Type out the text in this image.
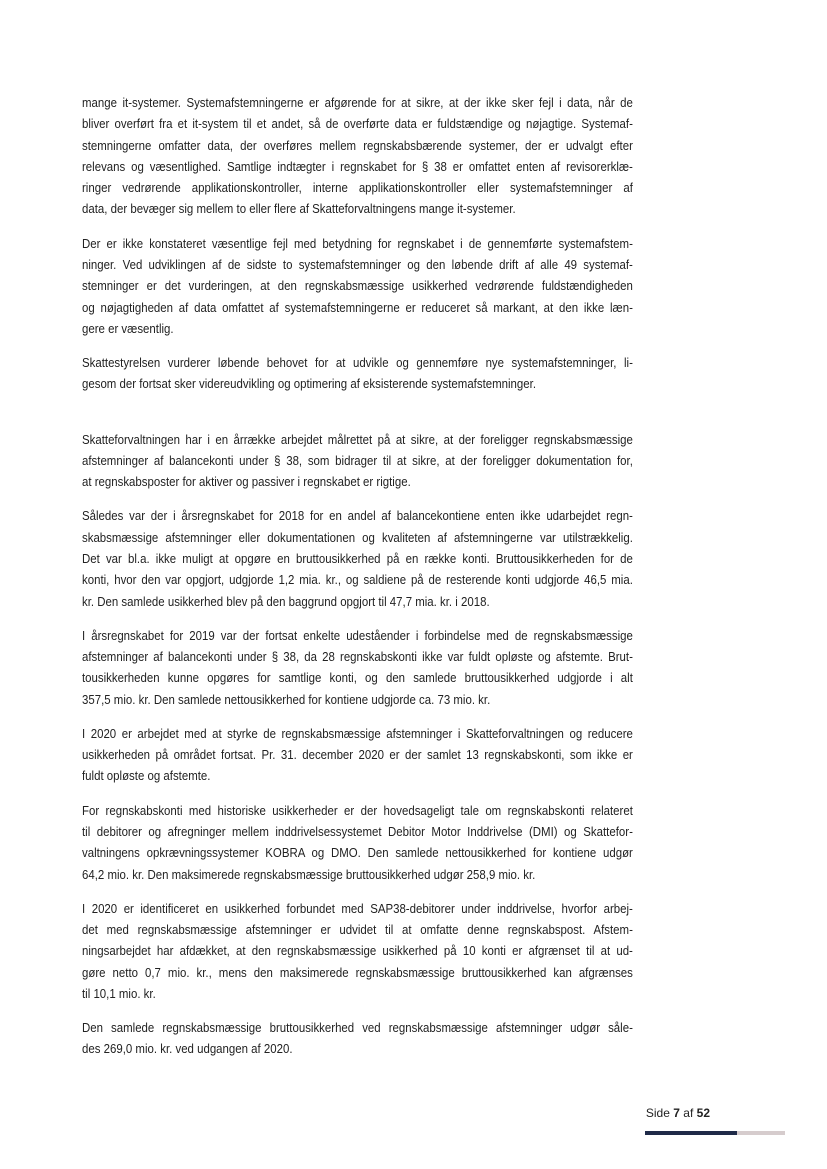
mange it-systemer. Systemafstemningerne er afgørende for at sikre, at der ikke sker fejl i data, når de
bliver overført fra et it-system til et andet, så de overførte data er fuldstændige og nøjagtige. Systemaf-
stemningerne omfatter data, der overføres mellem regnskabsbærende systemer, der er udvalgt efter
relevans og væsentlighed. Samtlige indtægter i regnskabet for § 38 er omfattet enten af revisorerklæ-
ringer vedrørende applikationskontroller, interne applikationskontroller eller systemafstemninger af
data, der bevæger sig mellem to eller flere af Skatteforvaltningens mange it-systemer.
Der er ikke konstateret væsentlige fejl med betydning for regnskabet i de gennemførte systemafstem-
ninger. Ved udviklingen af de sidste to systemafstemninger og den løbende drift af alle 49 systemaf-
stemninger er det vurderingen, at den regnskabsmæssige usikkerhed vedrørende fuldstændigheden
og nøjagtigheden af data omfattet af systemafstemningerne er reduceret så markant, at den ikke læn-
gere er væsentlig.
Skattestyrelsen vurderer løbende behovet for at udvikle og gennemføre nye systemafstemninger, li-
gesom der fortsat sker videreudvikling og optimering af eksisterende systemafstemninger.
Skatteforvaltningen har i en årrække arbejdet målrettet på at sikre, at der foreligger regnskabsmæssige
afstemninger af balancekonti under § 38, som bidrager til at sikre, at der foreligger dokumentation for,
at regnskabsposter for aktiver og passiver i regnskabet er rigtige.
Således var der i årsregnskabet for 2018 for en andel af balancekontiene enten ikke udarbejdet regn-
skabsmæssige afstemninger eller dokumentationen og kvaliteten af afstemningerne var utilstrækkelig.
Det var bl.a. ikke muligt at opgøre en bruttousikkerhed på en række konti. Bruttousikkerheden for de
konti, hvor den var opgjort, udgjorde 1,2 mia. kr., og saldiene på de resterende konti udgjorde 46,5 mia.
kr. Den samlede usikkerhed blev på den baggrund opgjort til 47,7 mia. kr. i 2018.
I årsregnskabet for 2019 var der fortsat enkelte udeståender i forbindelse med de regnskabsmæssige
afstemninger af balancekonti under § 38, da 28 regnskabskonti ikke var fuldt opløste og afstemte. Brut-
tousikkerheden kunne opgøres for samtlige konti, og den samlede bruttousikkerhed udgjorde i alt
357,5 mio. kr. Den samlede nettousikkerhed for kontiene udgjorde ca. 73 mio. kr.
I 2020 er arbejdet med at styrke de regnskabsmæssige afstemninger i Skatteforvaltningen og reducere
usikkerheden på området fortsat. Pr. 31. december 2020 er der samlet 13 regnskabskonti, som ikke er
fuldt opløste og afstemte.
For regnskabskonti med historiske usikkerheder er der hovedsageligt tale om regnskabskonti relateret
til debitorer og afregninger mellem inddrivelsessystemet Debitor Motor Inddrivelse (DMI) og Skattefor-
valtningens opkrævningssystemer KOBRA og DMO. Den samlede nettousikkerhed for kontiene udgør
64,2 mio. kr. Den maksimerede regnskabsmæssige bruttousikkerhed udgør 258,9 mio. kr.
I 2020 er identificeret en usikkerhed forbundet med SAP38-debitorer under inddrivelse, hvorfor arbej-
det med regnskabsmæssige afstemninger er udvidet til at omfatte denne regnskabspost. Afstem-
ningsarbejdet har afdækket, at den regnskabsmæssige usikkerhed på 10 konti er afgrænset til at ud-
gøre netto 0,7 mio. kr., mens den maksimerede regnskabsmæssige bruttousikkerhed kan afgrænses
til 10,1 mio. kr.
Den samlede regnskabsmæssige bruttousikkerhed ved regnskabsmæssige afstemninger udgør såle-
des 269,0 mio. kr. ved udgangen af 2020.
Side 7 af 52
